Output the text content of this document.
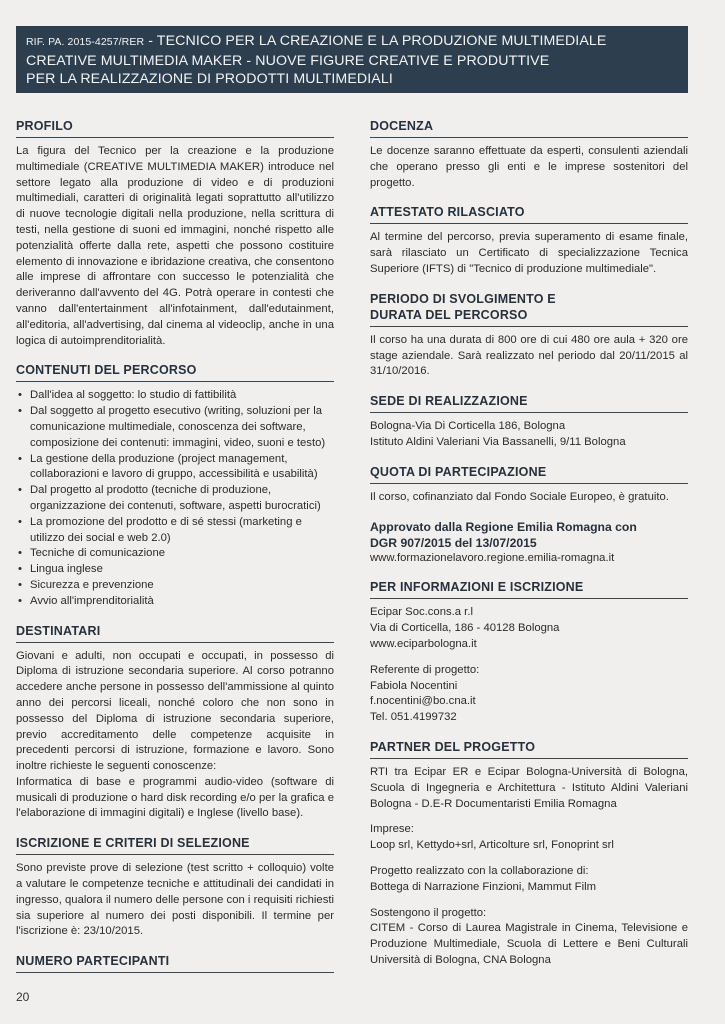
RIF. PA. 2015-4257/RER - TECNICO PER LA CREAZIONE E LA PRODUZIONE MULTIMEDIALE
CREATIVE MULTIMEDIA MAKER - NUOVE FIGURE CREATIVE E PRODUTTIVE
PER LA REALIZZAZIONE DI PRODOTTI MULTIMEDIALI
PROFILO
La figura del Tecnico per la creazione e la produzione multimediale (CREATIVE MULTIMEDIA MAKER) introduce nel settore legato alla produzione di video e di produzioni multimediali, caratteri di originalità legati soprattutto all'utilizzo di nuove tecnologie digitali nella produzione, nella scrittura di testi, nella gestione di suoni ed immagini, nonché rispetto alle potenzialità offerte dalla rete, aspetti che possono costituire elemento di innovazione e ibridazione creativa, che consentono alle imprese di affrontare con successo le potenzialità che deriveranno dall'avvento del 4G. Potrà operare in contesti che vanno dall'entertainment all'infotainment, dall'edutainment, all'editoria, all'advertising, dal cinema al videoclip, anche in una logica di autoimprenditorialità.
CONTENUTI DEL PERCORSO
• Dall'idea al soggetto: lo studio di fattibilità
• Dal soggetto al progetto esecutivo (writing, soluzioni per la comunicazione multimediale, conoscenza dei software, composizione dei contenuti: immagini, video, suoni e testo)
• La gestione della produzione (project management, collaborazioni e lavoro di gruppo, accessibilità e usabilità)
• Dal progetto al prodotto (tecniche di produzione, organizzazione dei contenuti, software, aspetti burocratici)
• La promozione del prodotto e di sé stessi (marketing e utilizzo dei social e web 2.0)
• Tecniche di comunicazione
• Lingua inglese
• Sicurezza e prevenzione
• Avvio all'imprenditorialità
DESTINATARI
Giovani e adulti, non occupati e occupati, in possesso di Diploma di istruzione secondaria superiore. Al corso potranno accedere anche persone in possesso dell'ammissione al quinto anno dei percorsi liceali, nonché coloro che non sono in possesso del Diploma di istruzione secondaria superiore, previo accreditamento delle competenze acquisite in precedenti percorsi di istruzione, formazione e lavoro. Sono inoltre richieste le seguenti conoscenze:
Informatica di base e programmi audio-video (software di musicali di produzione o hard disk recording e/o per la grafica e l'elaborazione di immagini digitali) e Inglese (livello base).
ISCRIZIONE E CRITERI DI SELEZIONE
Sono previste prove di selezione (test scritto + colloquio) volte a valutare le competenze tecniche e attitudinali dei candidati in ingresso, qualora il numero delle persone con i requisiti richiesti sia superiore al numero dei posti disponibili. Il termine per l'iscrizione è: 23/10/2015.
NUMERO PARTECIPANTI
20
DOCENZA
Le docenze saranno effettuate da esperti, consulenti aziendali che operano presso gli enti e le imprese sostenitori del progetto.
ATTESTATO RILASCIATO
Al termine del percorso, previa superamento di esame finale, sarà rilasciato un Certificato di specializzazione Tecnica Superiore (IFTS) di "Tecnico di produzione multimediale".
PERIODO DI SVOLGIMENTO E
DURATA DEL PERCORSO
Il corso ha una durata di 800 ore di cui 480 ore aula + 320 ore stage aziendale. Sarà realizzato nel periodo dal 20/11/2015 al 31/10/2016.
SEDE DI REALIZZAZIONE
Bologna-Via Di Corticella 186, Bologna
Istituto Aldini Valeriani Via Bassanelli, 9/11 Bologna
QUOTA DI PARTECIPAZIONE
Il corso, cofinanziato dal Fondo Sociale Europeo, è gratuito.
Approvato dalla Regione Emilia Romagna con
DGR 907/2015 del 13/07/2015
www.formazionelavoro.regione.emilia-romagna.it
PER INFORMAZIONI E ISCRIZIONE
Ecipar Soc.cons.a r.l
Via di Corticella, 186 - 40128 Bologna
www.eciparbologna.it
Referente di progetto:
Fabiola Nocentini
f.nocentini@bo.cna.it
Tel. 051.4199732
PARTNER DEL PROGETTO
RTI tra Ecipar ER e Ecipar Bologna-Università di Bologna, Scuola di Ingegneria e Architettura - Istituto Aldini Valeriani Bologna - D.E-R Documentaristi Emilia Romagna
Imprese:
Loop srl, Kettydo+srl, Articolture srl, Fonoprint srl
Progetto realizzato con la collaborazione di:
Bottega di Narrazione Finzioni, Mammut Film
Sostengono il progetto:
CITEM - Corso di Laurea Magistrale in Cinema, Televisione e Produzione Multimediale, Scuola di Lettere e Beni Culturali Università di Bologna, CNA Bologna
